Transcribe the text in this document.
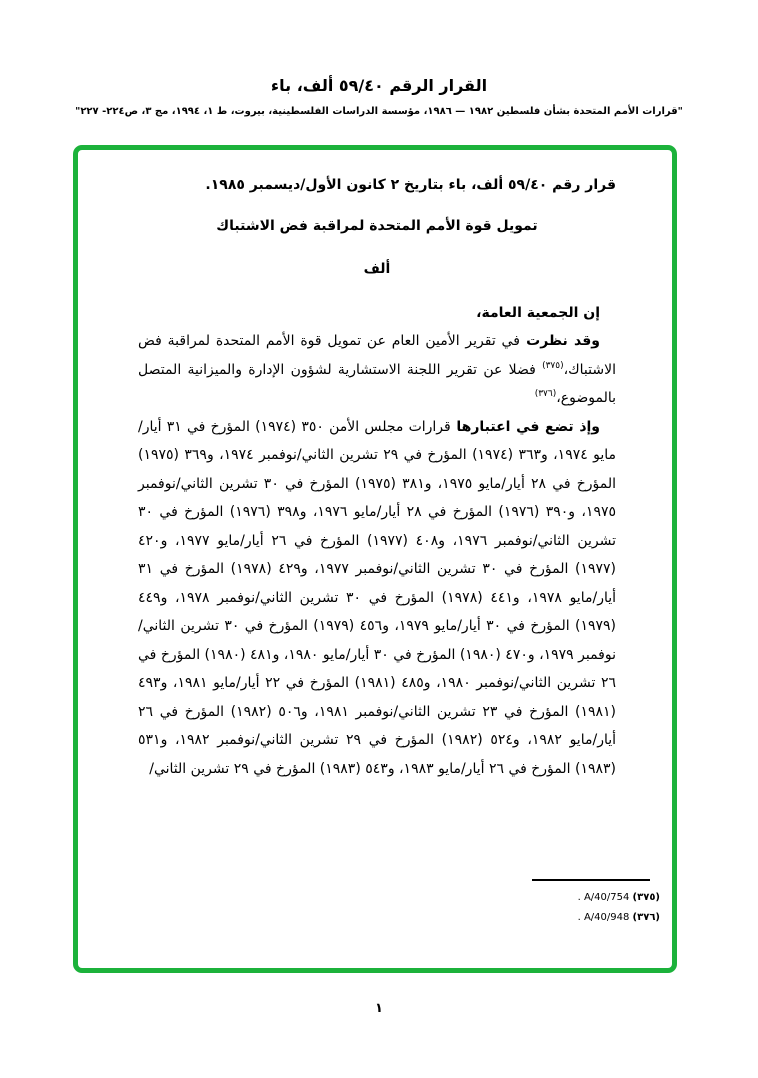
القرار الرقم ٥٩/٤٠ ألف، باء
"قرارات الأمم المتحدة بشأن فلسطين ١٩٨٢ — ١٩٨٦، مؤسسة الدراسات الفلسطينية، بيروت، ط ١، ١٩٩٤، مج ٣، ص٢٢٤- ٢٢٧"

قرار رقم ٥٩/٤٠ ألف، باء بتاريخ ٢ كانون الأول/ديسمبر ١٩٨٥.

تمويل قوة الأمم المتحدة لمراقبة فض الاشتباك

ألف

إن الجمعية العامة،

وقد نظرت في تقرير الأمين العام عن تمويل قوة الأمم المتحدة لمراقبة فض الاشتباك،$^{(٣٧٥)}$ فضلا عن تقرير اللجنة الاستشارية لشؤون الإدارة والميزانية المتصل بالموضوع،$^{(٣٧٦)}$

وإذ تضع في اعتبارها قرارات مجلس الأمن ٣٥٠ (١٩٧٤) المؤرخ في ٣١ أيار/مايو ١٩٧٤، و٣٦٣ (١٩٧٤) المؤرخ في ٢٩ تشرين الثاني/نوفمبر ١٩٧٤، و٣٦٩ (١٩٧٥) المؤرخ في ٢٨ أيار/مايو ١٩٧٥، و٣٨١ (١٩٧٥) المؤرخ في ٣٠ تشرين الثاني/نوفمبر ١٩٧٥، و٣٩٠ (١٩٧٦) المؤرخ في ٢٨ أيار/مايو ١٩٧٦، و٣٩٨ (١٩٧٦) المؤرخ في ٣٠ تشرين الثاني/نوفمبر ١٩٧٦، و٤٠٨ (١٩٧٧) المؤرخ في ٢٦ أيار/مايو ١٩٧٧، و٤٢٠ (١٩٧٧) المؤرخ في ٣٠ تشرين الثاني/نوفمبر ١٩٧٧، و٤٢٩ (١٩٧٨) المؤرخ في ٣١ أيار/مايو ١٩٧٨، و٤٤١ (١٩٧٨) المؤرخ في ٣٠ تشرين الثاني/نوفمبر ١٩٧٨، و٤٤٩ (١٩٧٩) المؤرخ في ٣٠ أيار/مايو ١٩٧٩، و٤٥٦ (١٩٧٩) المؤرخ في ٣٠ تشرين الثاني/نوفمبر ١٩٧٩، و٤٧٠ (١٩٨٠) المؤرخ في ٣٠ أيار/مايو ١٩٨٠، و٤٨١ (١٩٨٠) المؤرخ في ٢٦ تشرين الثاني/نوفمبر ١٩٨٠، و٤٨٥ (١٩٨١) المؤرخ في ٢٢ أيار/مايو ١٩٨١، و٤٩٣ (١٩٨١) المؤرخ في ٢٣ تشرين الثاني/نوفمبر ١٩٨١، و٥٠٦ (١٩٨٢) المؤرخ في ٢٦ أيار/مايو ١٩٨٢، و٥٢٤ (١٩٨٢) المؤرخ في ٢٩ تشرين الثاني/نوفمبر ١٩٨٢، و٥٣١ (١٩٨٣) المؤرخ في ٢٦ أيار/مايو ١٩٨٣، و٥٤٣ (١٩٨٣) المؤرخ في ٢٩ تشرين الثاني/

(٣٧٥) A/40/754 .
(٣٧٦) A/40/948 .
١
